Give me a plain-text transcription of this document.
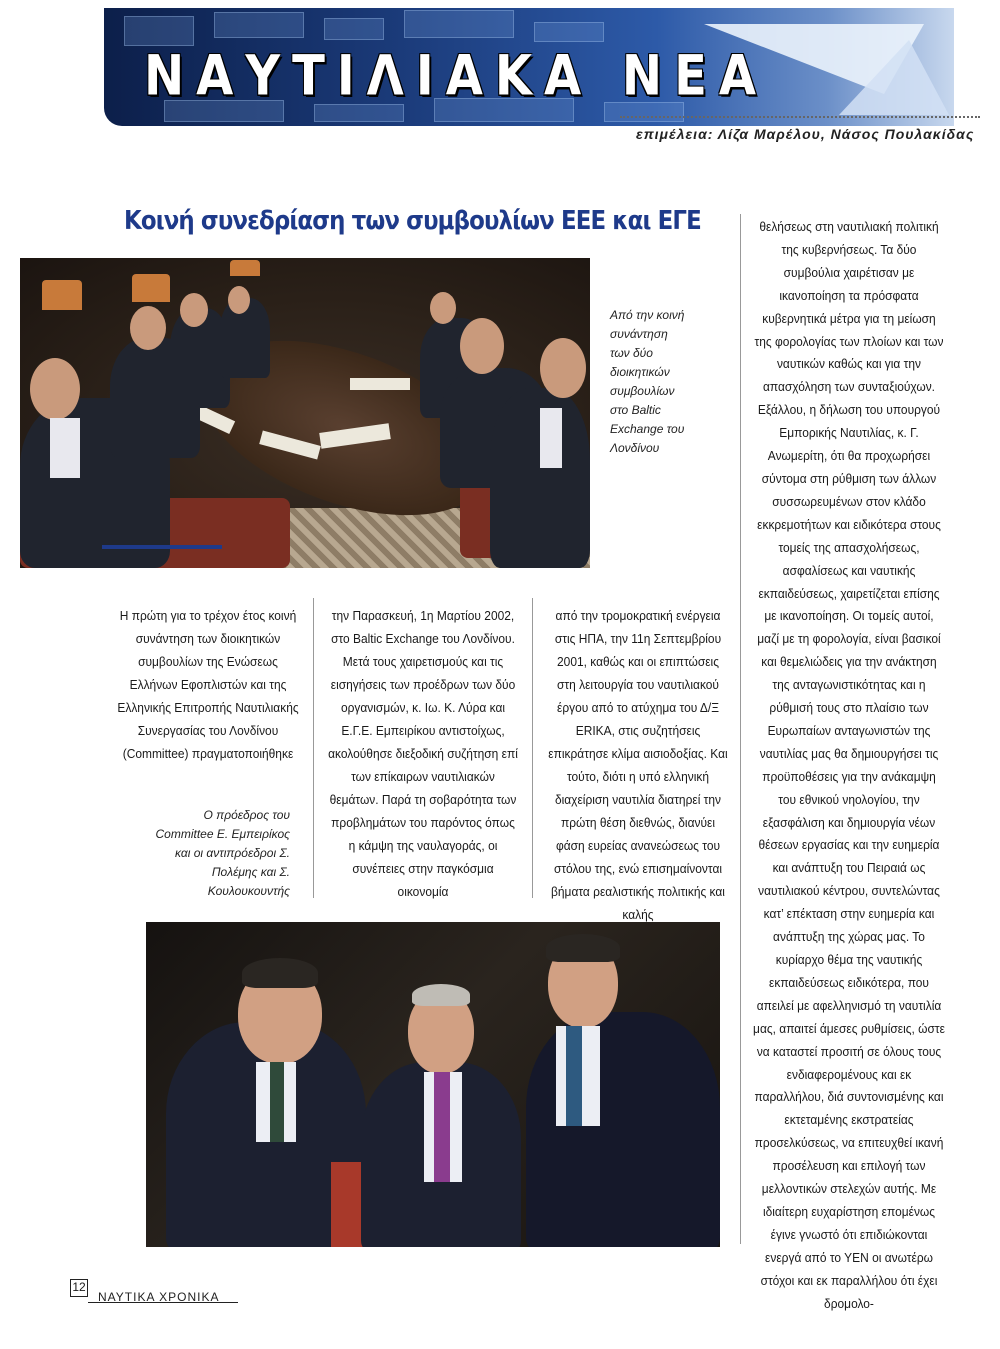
ΝΑΥΤΙΛΙΑΚΑ ΝΕΑ
επιμέλεια: Λίζα Μαρέλου, Νάσος Πουλακίδας
Κοινή συνεδρίαση των συμβουλίων ΕΕΕ και ΕΓΕ
Από την κοινή συνάντηση των δύο διοικητικών συμβουλίων στο Baltic Exchange του Λονδίνου
Η πρώτη για το τρέχον έτος κοινή συνάντηση των διοικητικών συμβουλίων της Ενώσεως Ελλήνων Εφοπλιστών και της Ελληνικής Επιτροπής Ναυτιλιακής Συνεργασίας του Λονδίνου (Committee) πραγματοποιήθηκε
την Παρασκευή, 1η Μαρτίου 2002, στο Baltic Exchange του Λονδίνου. Μετά τους χαιρετισμούς και τις εισηγήσεις των προέδρων των δύο οργανισμών, κ. Ιω. Κ. Λύρα και Ε.Γ.Ε. Εμπειρίκου αντιστοίχως, ακολούθησε διεξοδική συζήτηση επί των επίκαιρων ναυτιλιακών θεμάτων. Παρά τη σοβαρότητα των προβλημάτων του παρόντος όπως η κάμψη της ναυλαγοράς, οι συνέπειες στην παγκόσμια οικονομία
από την τρομοκρατική ενέργεια στις ΗΠΑ, την 11η Σεπτεμβρίου 2001, καθώς και οι επιπτώσεις στη λειτουργία του ναυτιλιακού έργου από το ατύχημα του Δ/Ξ ERIKA, στις συζητήσεις επικράτησε κλίμα αισιοδοξίας. Και τούτο, διότι η υπό ελληνική διαχείριση ναυτιλία διατηρεί την πρώτη θέση διεθνώς, διανύει φάση ευρείας ανανεώσεως του στόλου της, ενώ επισημαίνονται βήματα ρεαλιστικής πολιτικής και καλής
θελήσεως στη ναυτιλιακή πολιτική της κυβερνήσεως. Τα δύο συμβούλια χαιρέτισαν με ικανοποίηση τα πρόσφατα κυβερνητικά μέτρα για τη μείωση της φορολογίας των πλοίων και των ναυτικών καθώς και για την απασχόληση των συνταξιούχων. Εξάλλου, η δήλωση του υπουργού Εμπορικής Ναυτιλίας, κ. Γ. Ανωμερίτη, ότι θα προχωρήσει σύντομα στη ρύθμιση των άλλων συσσωρευμένων στον κλάδο εκκρεμοτήτων και ειδικότερα στους τομείς της απασχολήσεως, ασφαλίσεως και ναυτικής εκπαιδεύσεως, χαιρετίζεται επίσης με ικανοποίηση. Οι τομείς αυτοί, μαζί με τη φορολογία, είναι βασικοί και θεμελιώδεις για την ανάκτηση της ανταγωνιστικότητας και η ρύθμισή τους στο πλαίσιο των Ευρωπαίων ανταγωνιστών της ναυτιλίας μας θα δημιουργήσει τις προϋποθέσεις για την ανάκαμψη του εθνικού νηολογίου, την εξασφάλιση και δημιουργία νέων θέσεων εργασίας και την ευημερία και ανάπτυξη του Πειραιά ως ναυτιλιακού κέντρου, συντελώντας κατ’ επέκταση στην ευημερία και ανάπτυξη της χώρας μας. Το κυρίαρχο θέμα της ναυτικής εκπαιδεύσεως ειδικότερα, που απειλεί με αφελληνισμό τη ναυτιλία μας, απαιτεί άμεσες ρυθμίσεις, ώστε να καταστεί προσιτή σε όλους τους ενδιαφερομένους και εκ παραλλήλου, διά συντονισμένης και εκτεταμένης εκστρατείας προσελκύσεως, να επιτευχθεί ικανή προσέλευση και επιλογή των μελλοντικών στελεχών αυτής. Με ιδιαίτερη ευχαρίστηση επομένως έγινε γνωστό ότι επιδιώκονται ενεργά από το ΥΕΝ οι ανωτέρω στόχοι και εκ παραλλήλου ότι έχει δρομολο-
Ο πρόεδρος του Committee Ε. Εμπειρίκος και οι αντιπρόεδροι Σ. Πολέμης και Σ. Κουλουκουντής
12
ΝΑΥΤΙΚΑ ΧΡΟΝΙΚΑ
